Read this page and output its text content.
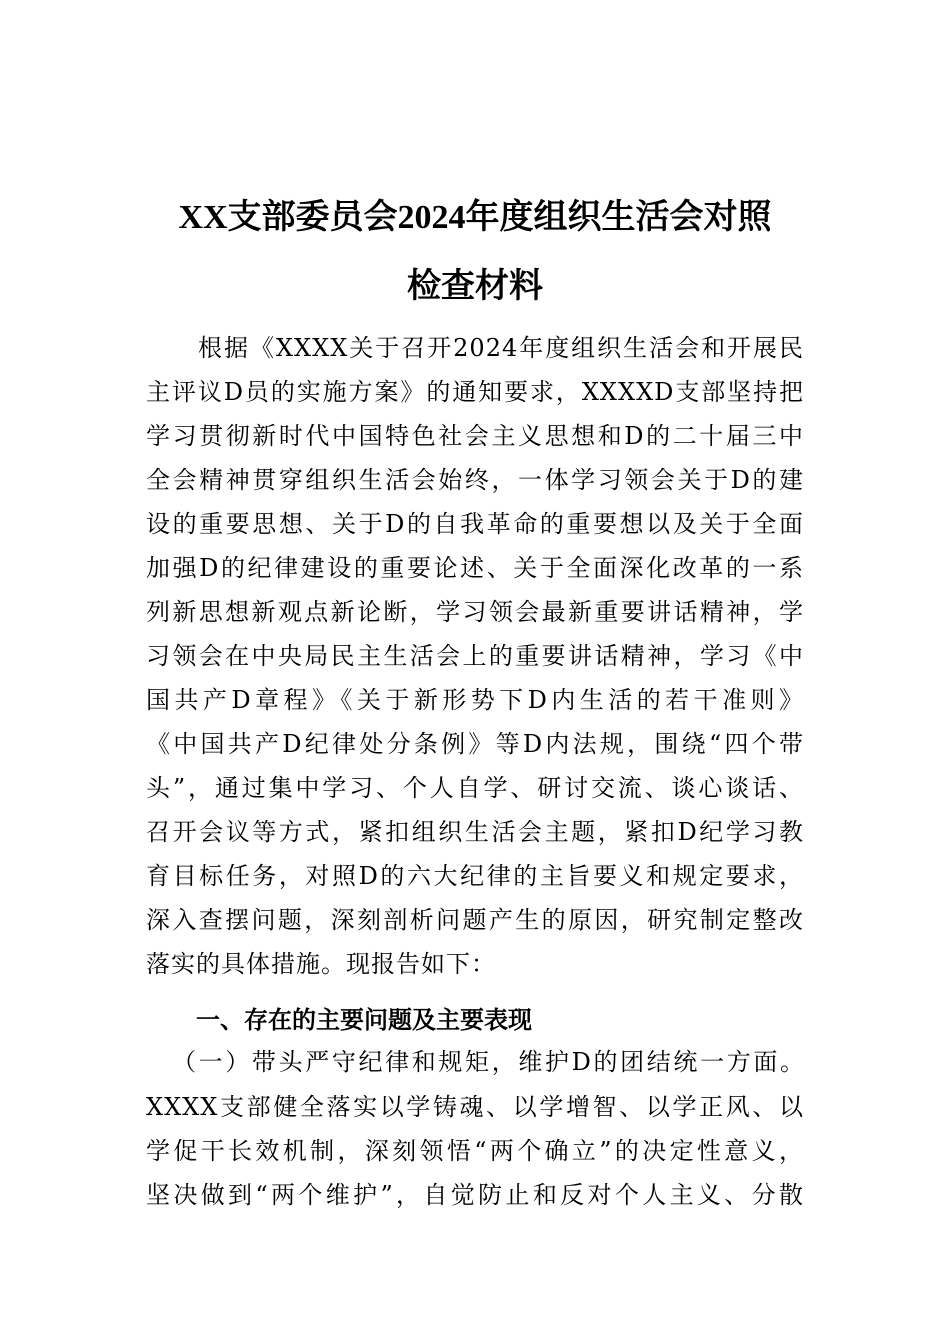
XX支部委员会2024年度组织生活会对照
检查材料
根据《XXXX关于召开2024年度组织生活会和开展民
主评议D员的实施方案》的通知要求，XXXXD支部坚持把
学习贯彻新时代中国特色社会主义思想和D的二十届三中
全会精神贯穿组织生活会始终，一体学习领会关于D的建
设的重要思想、关于D的自我革命的重要想以及关于全面
加强D的纪律建设的重要论述、关于全面深化改革的一系
列新思想新观点新论断，学习领会最新重要讲话精神，学
习领会在中央局民主生活会上的重要讲话精神，学习《中
国共产D章程》《关于新形势下D内生活的若干准则》
《中国共产D纪律处分条例》等D内法规，围绕“四个带
头”，通过集中学习、个人自学、研讨交流、谈心谈话、
召开会议等方式，紧扣组织生活会主题，紧扣D纪学习教
育目标任务，对照D的六大纪律的主旨要义和规定要求，
深入查摆问题，深刻剖析问题产生的原因，研究制定整改
落实的具体措施。现报告如下：
一、存在的主要问题及主要表现
（一）带头严守纪律和规矩，维护D的团结统一方面。
XXXX支部健全落实以学铸魂、以学增智、以学正风、以
学促干长效机制，深刻领悟“两个确立”的决定性意义，
坚决做到“两个维护”，自觉防止和反对个人主义、分散
